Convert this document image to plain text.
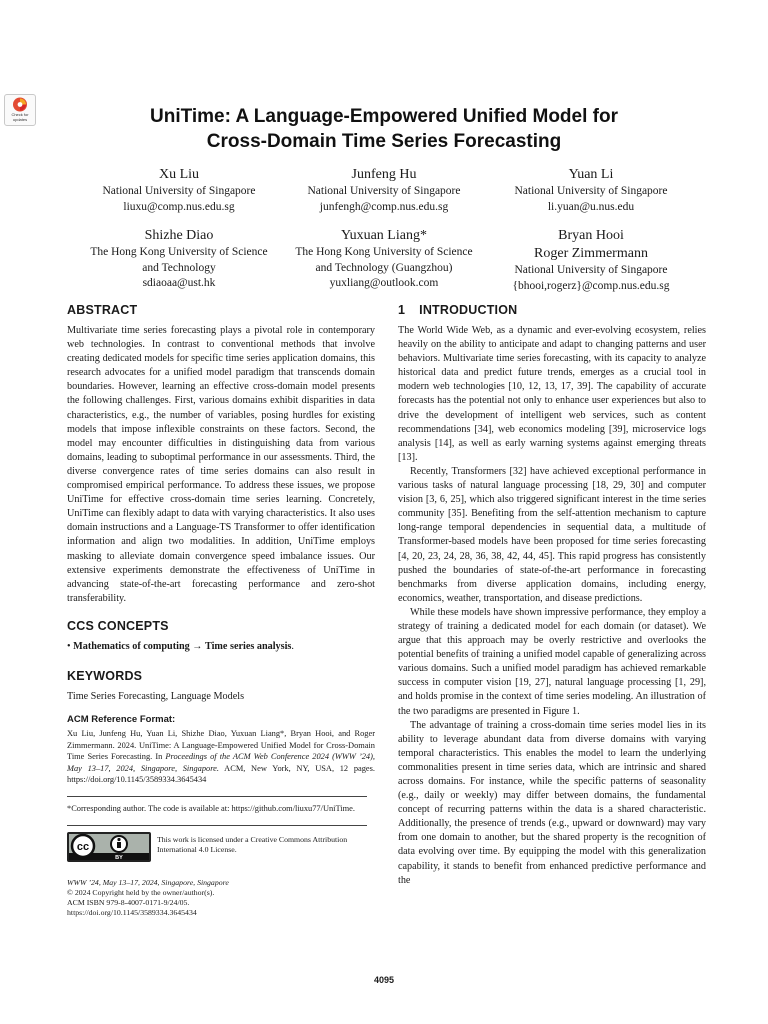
Check for
updates	UniTime: A Language-Empowered Unified Model for
Cross-Domain Time Series Forecasting
Xu Liu
National University of Singapore
liuxu@comp.nus.edu.sg
Junfeng Hu
National University of Singapore
junfengh@comp.nus.edu.sg
Yuan Li
National University of Singapore
li.yuan@u.nus.edu
Shizhe Diao
The Hong Kong University of Science
and Technology
sdiaoaa@ust.hk
Yuxuan Liang*
The Hong Kong University of Science
and Technology (Guangzhou)
yuxliang@outlook.com
Bryan Hooi
Roger Zimmermann
National University of Singapore
{bhooi,rogerz}@comp.nus.edu.sg
ABSTRACT

Multivariate time series forecasting plays a pivotal role in contemporary web technologies. In contrast to conventional methods that involve creating dedicated models for specific time series application domains, this research advocates for a unified model paradigm that transcends domain boundaries. However, learning an effective cross-domain model presents the following challenges. First, various domains exhibit disparities in data characteristics, e.g., the number of variables, posing hurdles for existing models that impose inflexible constraints on these factors. Second, the model may encounter difficulties in distinguishing data from various domains, leading to suboptimal performance in our assessments. Third, the diverse convergence rates of time series domains can also result in compromised empirical performance. To address these issues, we propose UniTime for effective cross-domain time series learning. Concretely, UniTime can flexibly adapt to data with varying characteristics. It also uses domain instructions and a Language-TS Transformer to offer identification information and align two modalities. In addition, UniTime employs masking to alleviate domain convergence speed imbalance issues. Our extensive experiments demonstrate the effectiveness of UniTime in advancing state-of-the-art forecasting performance and zero-shot transferability.

CCS CONCEPTS

• Mathematics of computing → Time series analysis.

KEYWORDS

Time Series Forecasting, Language Models

ACM Reference Format:

Xu Liu, Junfeng Hu, Yuan Li, Shizhe Diao, Yuxuan Liang*, Bryan Hooi, and Roger Zimmermann. 2024. UniTime: A Language-Empowered Unified Model for Cross-Domain Time Series Forecasting. In Proceedings of the ACM Web Conference 2024 (WWW ’24), May 13–17, 2024, Singapore, Singapore. ACM, New York, NY, USA, 12 pages. https://doi.org/10.1145/3589334.3645434

*Corresponding author. The code is available at: https://github.com/liuxu77/UniTime.

cc
BY
This work is licensed under a Creative Commons Attribution International 4.0 License.
WWW ’24, May 13–17, 2024, Singapore, Singapore
© 2024 Copyright held by the owner/author(s).
ACM ISBN 979-8-4007-0171-9/24/05.
https://doi.org/10.1145/3589334.3645434
1 INTRODUCTION

The World Wide Web, as a dynamic and ever-evolving ecosystem, relies heavily on the ability to anticipate and adapt to changing patterns and user behaviors. Multivariate time series forecasting, with its capacity to analyze historical data and predict future trends, emerges as a crucial tool in modern web technologies [10, 12, 13, 17, 39]. The capability of accurate forecasts has the potential not only to enhance user experiences but also to drive the development of intelligent web services, such as content recommendations [34], web economics modeling [39], microservice logs analysis [14], as well as early warning systems against emerging threats [13].

Recently, Transformers [32] have achieved exceptional performance in various tasks of natural language processing [18, 29, 30] and computer vision [3, 6, 25], which also triggered significant interest in the time series community [35]. Benefiting from the self-attention mechanism to capture long-range temporal dependencies in sequential data, a multitude of Transformer-based models have been proposed for time series forecasting [4, 20, 23, 24, 28, 36, 38, 42, 44, 45]. This rapid progress has consistently pushed the boundaries of state-of-the-art performance in forecasting benchmarks from diverse application domains, including energy, economics, weather, transportation, and disease predictions.

While these models have shown impressive performance, they employ a strategy of training a dedicated model for each domain (or dataset). We argue that this approach may be overly restrictive and overlooks the potential benefits of training a unified model capable of generalizing across various domains. Such a unified model paradigm has achieved remarkable success in computer vision [19, 27], natural language processing [1, 29], and holds promise in the context of time series modeling. An illustration of the two paradigms are presented in Figure 1.

The advantage of training a cross-domain time series model lies in its ability to leverage abundant data from diverse domains with varying temporal characteristics. This enables the model to learn the underlying commonalities present in time series data, which are intrinsic and shared across domains. For instance, while the specific patterns of seasonality (e.g., daily or weekly) may differ between domains, the fundamental concept of recurring patterns within the data is a shared characteristic. Additionally, the presence of trends (e.g., upward or downward) may vary from one domain to another, but the shared property is the recognition of data evolving over time. By equipping the model with this generalization capability, it stands to benefit from enhanced predictive performance and the

4095
